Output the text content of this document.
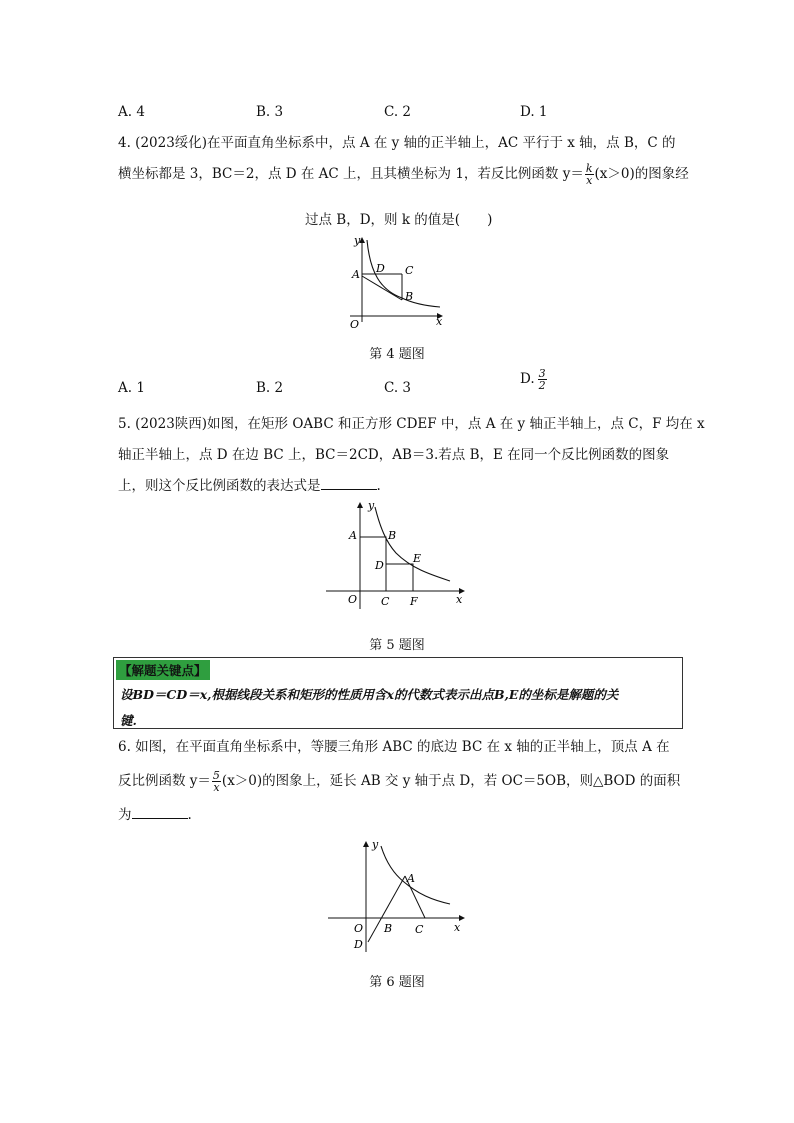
A. 4	B. 3	C. 2	D. 1
4. (2023绥化)在平面直角坐标系中，点 A 在 y 轴的正半轴上，AC 平行于 x 轴，点 B，C 的
横坐标都是 3，BC＝2，点 D 在 AC 上，且其横坐标为 1，若反比例函数 $y= \frac{k}{x} (x>0)$的图象经
过点 B，D，则 k 的值是(　　)
y
A D C
B
O	x
第 4 题图
A. 1	B. 2	C. 3
D. $\frac{3}{2}$
5. (2023陕西)如图，在矩形 OABC 和正方形 CDEF 中，点 A 在 y 轴正半轴上，点 C，F 均在 x
轴正半轴上，点 D 在边 BC 上，BC＝2CD，AB＝3.若点 B，E 在同一个反比例函数的图象
上，则这个反比例函数的表达式是	.
y
A	B
D
E
O C F	x
第 5 题图
【解题关键点】
设BD＝CD＝x,根据线段关系和矩形的性质用含x的代数式表示出点B,E的坐标是解题的关
键.
6. 如图，在平面直角坐标系中，等腰三角形 ABC 的底边 BC 在 x 轴的正半轴上，顶点 A 在
反比例函数 $y= \frac{5}{x} (x>0)$的图象上，延长 AB 交 y 轴于点 D，若 OC＝5OB，则△BOD 的面积
为	.
y
A
O
D
B C	x
第 6 题图
